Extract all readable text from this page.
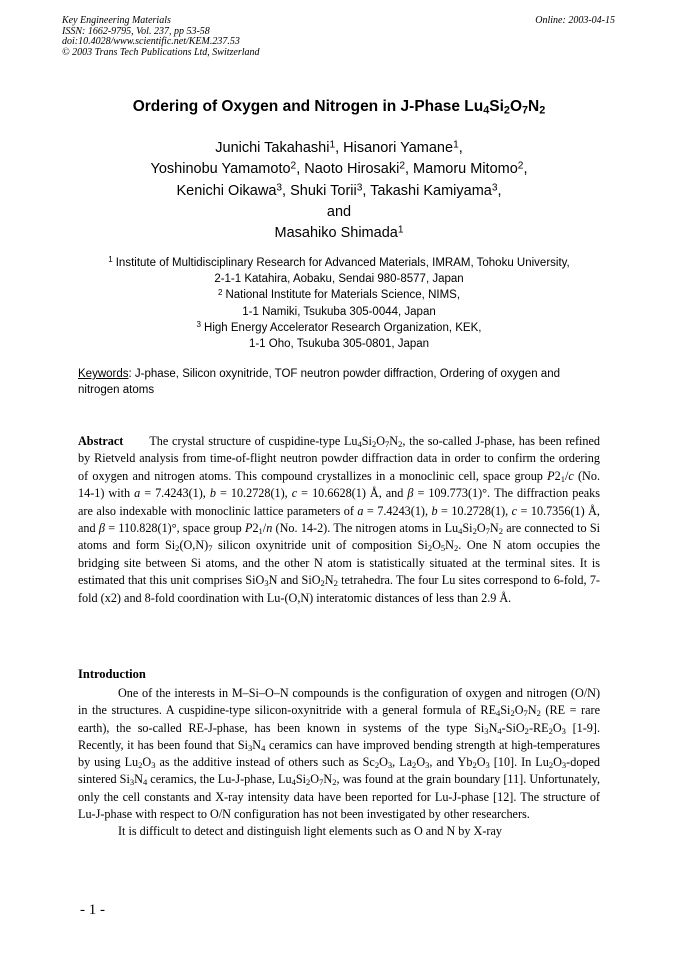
Key Engineering Materials
ISSN: 1662-9795, Vol. 237, pp 53-58
doi:10.4028/www.scientific.net/KEM.237.53
© 2003 Trans Tech Publications Ltd, Switzerland
Online: 2003-04-15
Ordering of Oxygen and Nitrogen in J-Phase $Lu_4Si_2O_7N_2$
Junichi Takahashi$^1$, Hisanori Yamane$^1$,
Yoshinobu Yamamoto$^2$, Naoto Hirosaki$^2$, Mamoru Mitomo$^2$,
Kenichi Oikawa$^3$, Shuki Torii$^3$, Takashi Kamiyama$^3$,
and
Masahiko Shimada$^1$
$^1$ Institute of Multidisciplinary Research for Advanced Materials, IMRAM, Tohoku University,
2-1-1 Katahira, Aobaku, Sendai 980-8577, Japan
$^2$ National Institute for Materials Science, NIMS,
1-1 Namiki, Tsukuba 305-0044, Japan
$^3$ High Energy Accelerator Research Organization, KEK,
1-1 Oho, Tsukuba 305-0801, Japan
Keywords: J-phase, Silicon oxynitride, TOF neutron powder diffraction, Ordering of oxygen and nitrogen atoms
Abstract The crystal structure of cuspidine-type $Lu_4Si_2O_7N_2$, the so-called J-phase, has been refined by Rietveld analysis from time-of-flight neutron powder diffraction data in order to confirm the ordering of oxygen and nitrogen atoms. This compound crystallizes in a monoclinic cell, space group $P2_1/c$ (No. 14-1) with a = 7.4243(1), b = 10.2728(1), c = 10.6628(1) Å, and β = 109.773(1)°. The diffraction peaks are also indexable with monoclinic lattice parameters of a = 7.4243(1), b = 10.2728(1), c = 10.7356(1) Å, and β = 110.828(1)°, space group $P2_1/n$ (No. 14-2). The nitrogen atoms in $Lu_4Si_2O_7N_2$ are connected to Si atoms and form $Si_2(O,N)_7$ silicon oxynitride unit of composition $Si_2O_5N_2$. One N atom occupies the bridging site between Si atoms, and the other N atom is statistically situated at the terminal sites. It is estimated that this unit comprises SiO$_3$N and $SiO_2N_2$ tetrahedra. The four Lu sites correspond to 6-fold, 7-fold (x2) and 8-fold coordination with Lu-(O,N) interatomic distances of less than 2.9 Å.
Introduction

One of the interests in M–Si–O–N compounds is the configuration of oxygen and nitrogen (O/N) in the structures. A cuspidine-type silicon-oxynitride with a general formula of $RE_4Si_2O_7N_2$ (RE = rare earth), the so-called RE-J-phase, has been known in systems of the type $Si_3N_4-SiO_2-RE_2O_3$ [1-9]. Recently, it has been found that $Si_3N_4$ ceramics can have improved bending strength at high-temperatures by using $Lu_2O_3$ as the additive instead of others such as $Sc_2O_3$, $La_2O_3$, and $Yb_2O_3$ [10]. In $Lu_2O_3$-doped sintered $Si_3N_4$ ceramics, the Lu-J-phase, $Lu_4Si_2O_7N_2$, was found at the grain boundary [11]. Unfortunately, only the cell constants and X-ray intensity data have been reported for Lu-J-phase [12]. The structure of Lu-J-phase with respect to O/N configuration has not been investigated by other researchers.

It is difficult to detect and distinguish light elements such as O and N by X-ray

- 1 -
